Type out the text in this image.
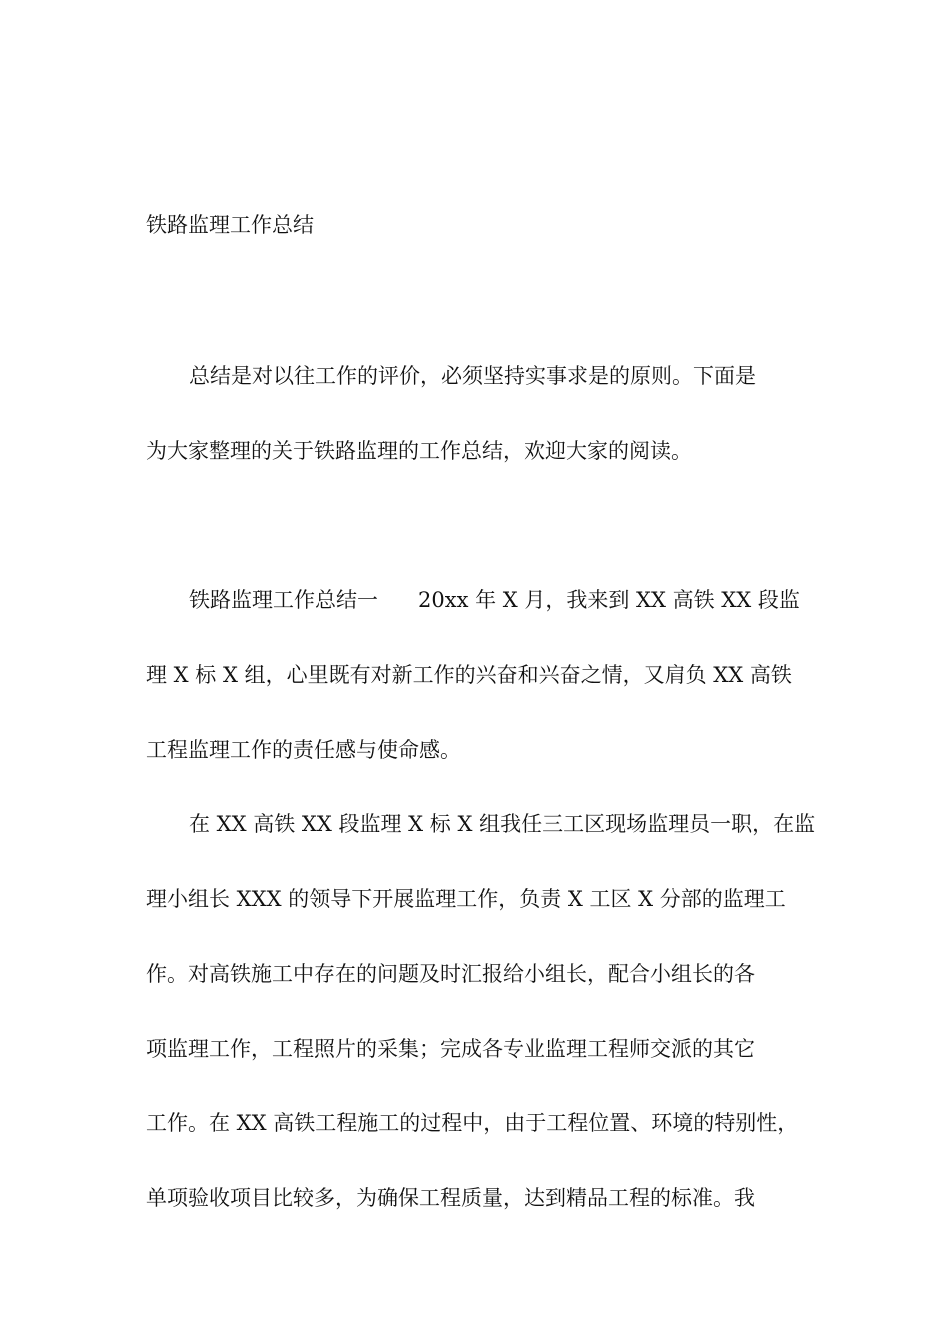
铁路监理工作总结
总结是对以往工作的评价，必须坚持实事求是的原则。下面是
为大家整理的关于铁路监理的工作总结，欢迎大家的阅读。
铁路监理工作总结一 20xx 年 X 月，我来到 XX 高铁 XX 段监
理 X 标 X 组，心里既有对新工作的兴奋和兴奋之情，又肩负 XX 高铁
工程监理工作的责任感与使命感。
在 XX 高铁 XX 段监理 X 标 X 组我任三工区现场监理员一职，在监
理小组长 XXX 的领导下开展监理工作，负责 X 工区 X 分部的监理工
作。对高铁施工中存在的问题及时汇报给小组长，配合小组长的各
项监理工作，工程照片的采集；完成各专业监理工程师交派的其它
工作。在 XX 高铁工程施工的过程中，由于工程位置、环境的特别性，
单项验收项目比较多，为确保工程质量，达到精品工程的标准。我
